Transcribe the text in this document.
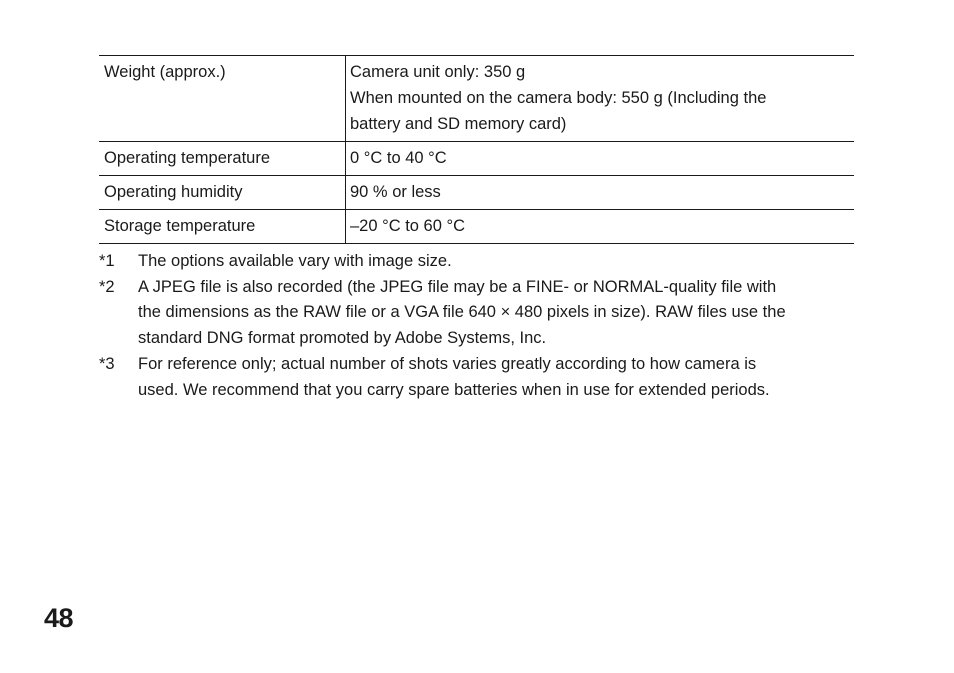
Weight (approx.)	Camera unit only: 350 g
When mounted on the camera body: 550 g (Including the
battery and SD memory card)

Operating temperature	0 °C to 40 °C

Operating humidity	90 % or less

Storage temperature	–20 °C to 60 °C
*1	The options available vary with image size.
*2	A JPEG file is also recorded (the JPEG file may be a FINE- or NORMAL-quality file with
the dimensions as the RAW file or a VGA file 640 × 480 pixels in size). RAW files use the
standard DNG format promoted by Adobe Systems, Inc.
*3	For reference only; actual number of shots varies greatly according to how camera is
used. We recommend that you carry spare batteries when in use for extended periods.
48
